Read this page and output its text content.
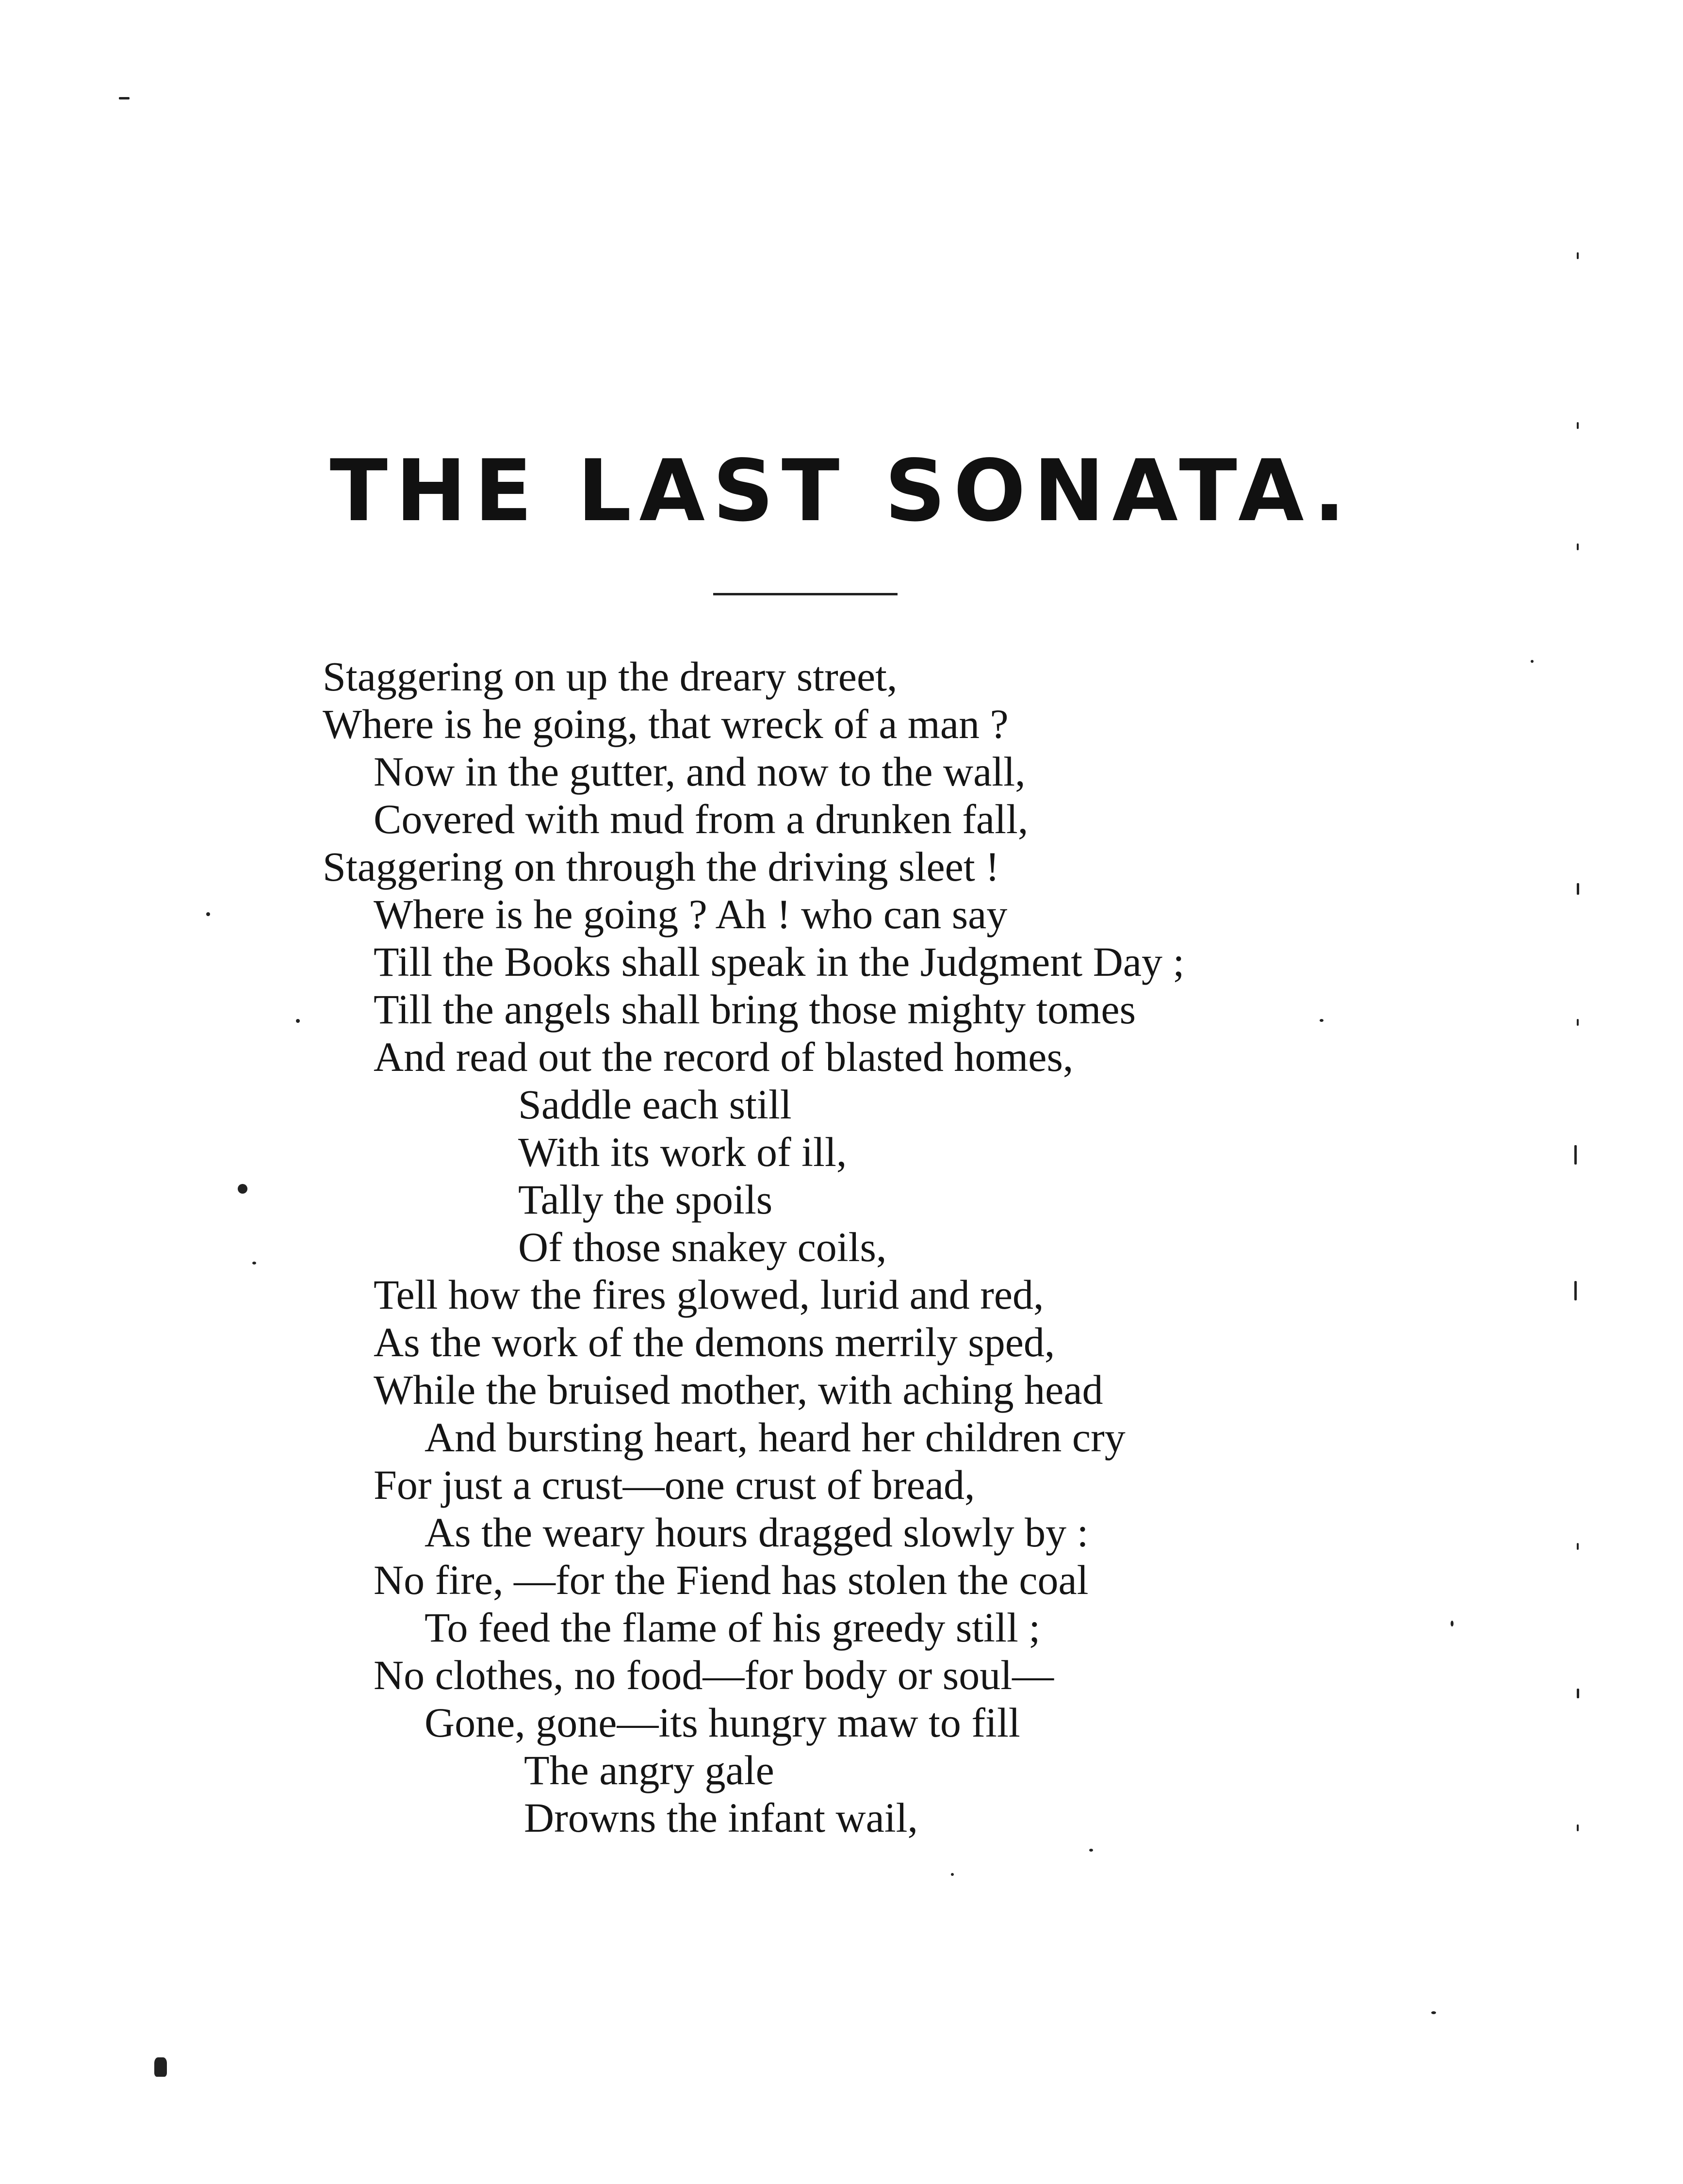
THE LAST SONATA.
Staggering on up the dreary street,
Where is he going, that wreck of a man ?
Now in the gutter, and now to the wall,
Covered with mud from a drunken fall,
Staggering on through the driving sleet !
Where is he going ? Ah ! who can say
Till the Books shall speak in the Judgment Day ;
Till the angels shall bring those mighty tomes
And read out the record of blasted homes,
Saddle each still
With its work of ill,
Tally the spoils
Of those snakey coils,
Tell how the fires glowed, lurid and red,
As the work of the demons merrily sped,
While the bruised mother, with aching head
And bursting heart, heard her children cry
For just a crust—one crust of bread,
As the weary hours dragged slowly by :
No fire, —for the Fiend has stolen the coal
To feed the flame of his greedy still ;
No clothes, no food—for body or soul—
Gone, gone—its hungry maw to fill
The angry gale
Drowns the infant wail,
